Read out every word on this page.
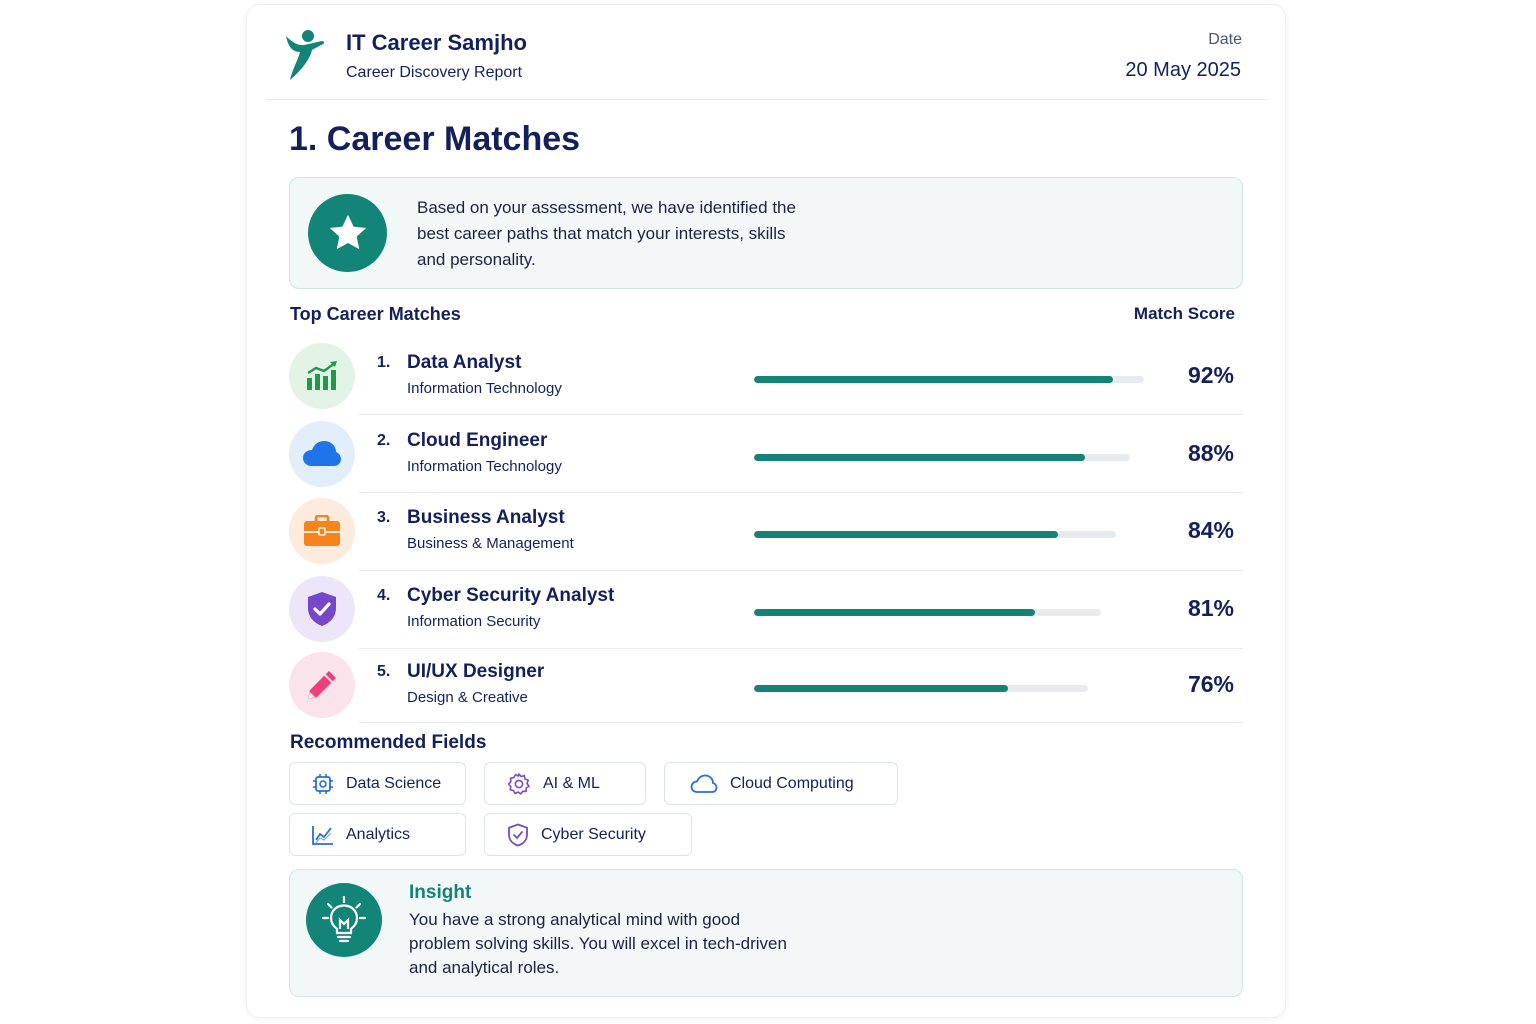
IT Career Samjho
Career Discovery Report
Date
20 May 2025
1. Career Matches
Based on your assessment, we have identified the best career paths that match your interests, skills and personality.
Top Career Matches	Match Score
1. Data Analyst
Information Technology
92%
2. Cloud Engineer
Information Technology
88%
3. Business Analyst
Business & Management
84%
4. Cyber Security Analyst
Information Security
81%
5. UI/UX Designer
Design & Creative
76%
Recommended Fields
Data Science	AI & ML	Cloud Computing
Analytics	Cyber Security
Insight
You have a strong analytical mind with good problem solving skills. You will excel in tech-driven and analytical roles.
